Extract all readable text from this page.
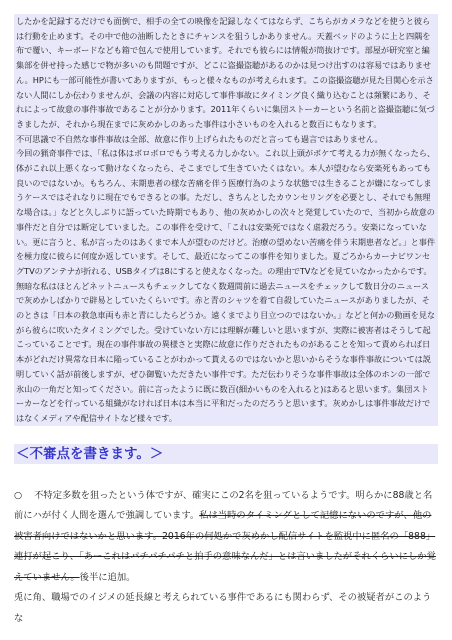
したかを記録するだけでも面倒で、相手の全ての映像を記録しなくてはならず、こちらがカメラなどを使うと彼らは行動を止めます。その中で他の油断したときにチャンスを狙うしかありません。天蓋ベッドのように上と四隅を布で覆い、キーボードなども箱で包んで使用しています。それでも彼らには情報が筒抜けです。部屋が研究室と編集部を併せ持った感じで物が多いのも問題ですが、どこに盗撮盗聴があるのかは見つけ出すのは容易ではありません。HPにも一部可能性が書いてありますが、もっと様々なものが考えられます。この盗撮盗聴が見た目関心を示さない人間にしか伝わりませんが、会議の内容に対応して事件事故にタイミング良く織り込むことは頻繁にあり、それによって故意の事件事故であることが分かります。2011年くらいに集団ストーカーという名前と盗撮盗聴に気づきましたが、それから現在までに灰めかしのあった事件は小さいものを入れると数百にもなります。

不可思議で不自然な事件事故は全部、故意に作り上げられたものだと言っても過言ではありません。

今回の猟奇事件では、「私は体はボロボロでもう考える力しかない。これ以上頭がボケて考える力が無くなったら、体がこれ以上悪くなって動けなくなったら、そこまでして生きていたくはない。本人が望むなら安楽死もあっても良いのではないか。もちろん、末期患者の様な苦痛を伴う医療行為のような状態では生きることが嫌になってしまうケースではそれなりに現在でもできるとの事。ただし、きちんとしたカウンセリングを必要とし、それでも無理な場合は。」などと久しぶりに語っていた時期でもあり、他の灰めかしの次々と発覚していたので、当初から故意の事件だと自分では断定していました。この事件を受けて、「これは安楽死ではなく虐殺だろう。安楽になっていない。更に言うと、私が言ったのはあくまで本人が望むのだけど。治療の望めない苦痛を伴う末期患者など。」と事件を極力度に彼らに何度か返しています。そして、最近になってこの事件を知りました。夏ごろからカーナビワンセグTVのアンテナが折れる、USBタイプは8にすると使えなくなった。の理由でTVなどを見ていなかったからです。無暗な私はほとんどネットニュースもチェックしてなく数週間前に過去ニュースをチェックして数日分のニュースで灰めかしばかりで辟易としていたくらいです。赤と青のシャツを着て自殺していたニュースがありましたが、そのときは「日本の救急車両も赤と青にしたらどうか。遠くまでより目立つのではないか。」などと何かの動画を見ながら彼らに吹いたタイミングでした。受けていない方には理解が難しいと思いますが、実際に被害者はそうして起こっていることです。現在の事件事故の異様さと実際に故意に作りだされたものがあることを知って責められば日本がどれだけ異常な日本に陥っていることがわかって貰えるのではないかと思いからそうな事件事故については説明していく話が前後しますが、ぜひ御覧いただきたい事件です。ただ伝わりそうな事件事故は全体のホンの一部で氷山の一角だと知ってください。前に言ったように既に数百(細かいものを入れると)はあると思います。集団ストーカーなどを行っている組織がなければ日本は本当に平和だったのだろうと思います。灰めかしは事件事故だけではなくメディアや配信サイトなど様々です。

＜不審点を書きます。＞

○ 不特定多数を狙ったという体ですが、確実にこの2名を狙っているようです。明らかに88歳と名前にハが付く人間を選んで強調しています。私は当時のタイミングとして記憶にないのですが、他の被害者向けではないかと思います。2016年の何処かで灰めかし配信サイトを監視中に匿名の「888」連打が起こり、「あーこれはパチパチパチと拍手の意味なんだ」とは言いましたがそれくらいにしか覚えていません。後半に追加。

兎に角、職場でのイジメの延長線と考えられている事件であるにも関わらず、その被疑者がこのような
